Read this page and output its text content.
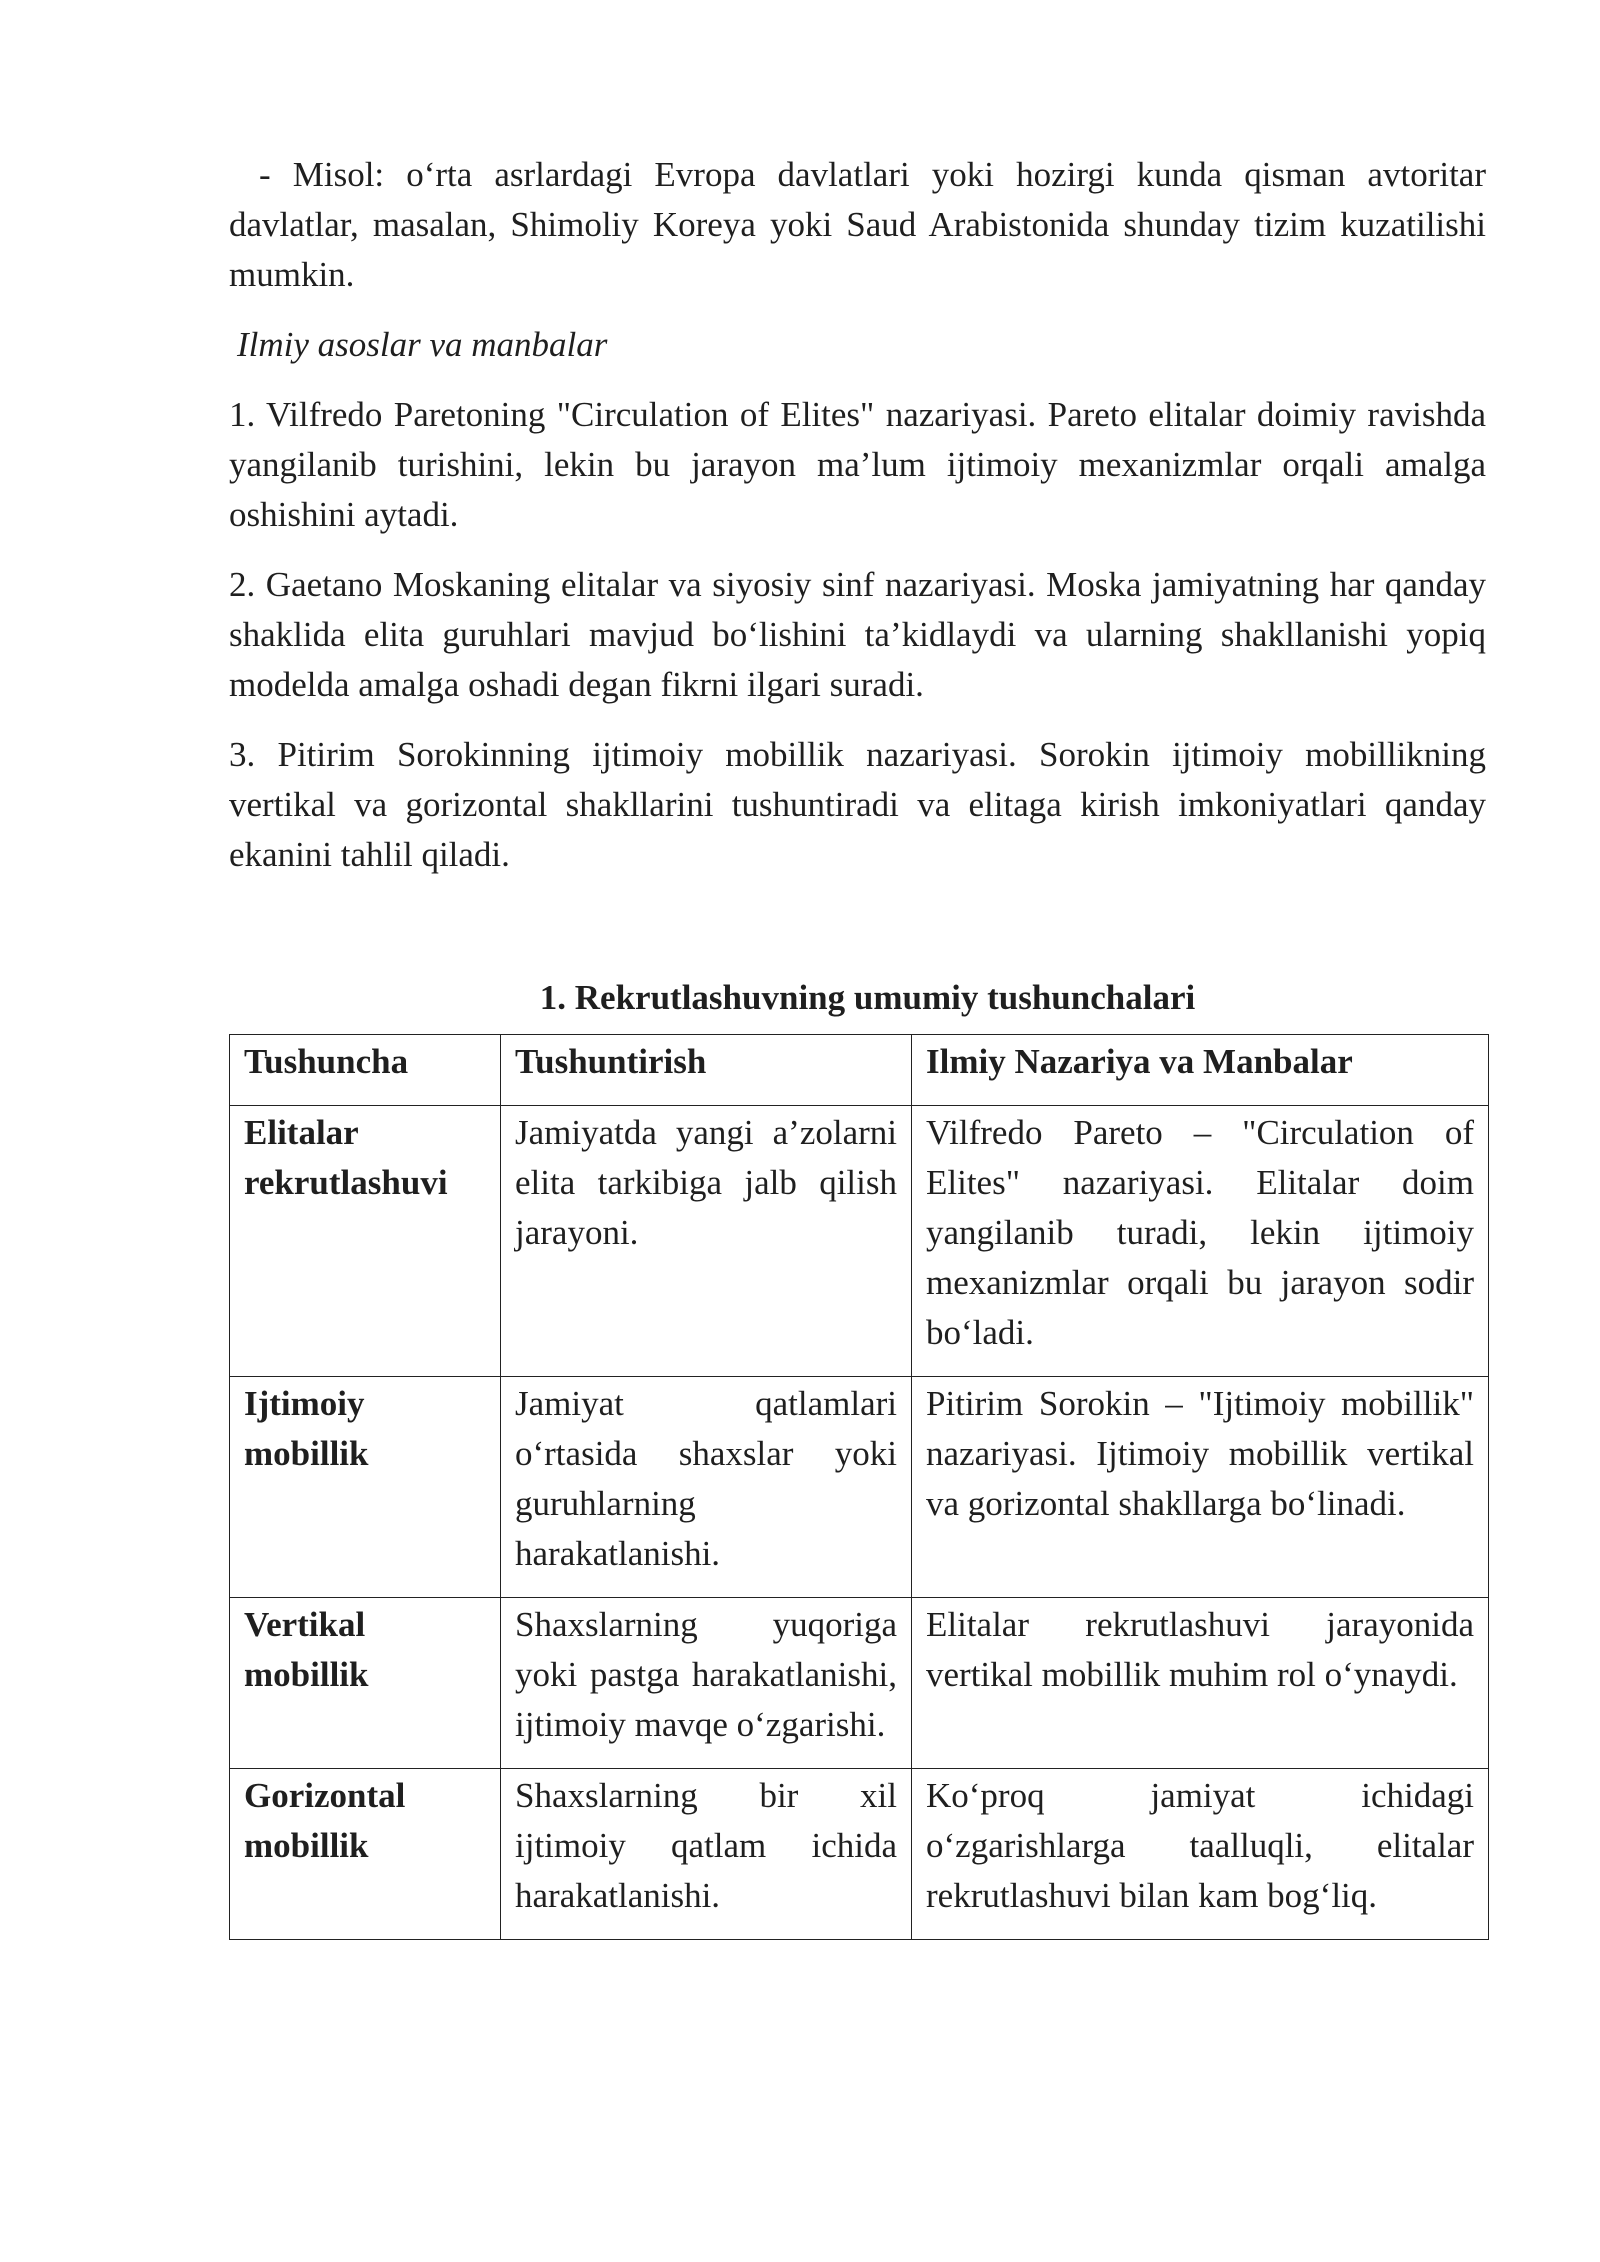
- Misol: o‘rta asrlardagi Evropa davlatlari yoki hozirgi kunda qisman avtoritar davlatlar, masalan, Shimoliy Koreya yoki Saud Arabistonida shunday tizim kuzatilishi mumkin.

Ilmiy asoslar va manbalar

1. Vilfredo Paretoning "Circulation of Elites" nazariyasi. Pareto elitalar doimiy ravishda yangilanib turishini, lekin bu jarayon ma’lum ijtimoiy mexanizmlar orqali amalga oshishini aytadi.

2. Gaetano Moskaning elitalar va siyosiy sinf nazariyasi. Moska jamiyatning har qanday shaklida elita guruhlari mavjud bo‘lishini ta’kidlaydi va ularning shakllanishi yopiq modelda amalga oshadi degan fikrni ilgari suradi.

3. Pitirim Sorokinning ijtimoiy mobillik nazariyasi. Sorokin ijtimoiy mobillikning vertikal va gorizontal shakllarini tushuntiradi va elitaga kirish imkoniyatlari qanday ekanini tahlil qiladi.

1. Rekrutlashuvning umumiy tushunchalari
Tushuncha	Tushuntirish	Ilmiy Nazariya va Manbalar
Elitalar rekrutlashuvi	Jamiyatda yangi a’zolarni elita tarkibiga jalb qilish jarayoni.	Vilfredo Pareto – "Circulation of Elites" nazariyasi. Elitalar doim yangilanib turadi, lekin ijtimoiy mexanizmlar orqali bu jarayon sodir bo‘ladi.
Ijtimoiy mobillik	Jamiyat qatlamlari o‘rtasida shaxslar yoki guruhlarning harakatlanishi.	Pitirim Sorokin – "Ijtimoiy mobillik" nazariyasi. Ijtimoiy mobillik vertikal va gorizontal shakllarga bo‘linadi.
Vertikal mobillik	Shaxslarning yuqoriga yoki pastga harakatlanishi, ijtimoiy mavqe o‘zgarishi.	Elitalar rekrutlashuvi jarayonida vertikal mobillik muhim rol o‘ynaydi.
Gorizontal mobillik	Shaxslarning bir xil ijtimoiy qatlam ichida harakatlanishi.	Ko‘proq jamiyat ichidagi o‘zgarishlarga taalluqli, elitalar rekrutlashuvi bilan kam bog‘liq.
